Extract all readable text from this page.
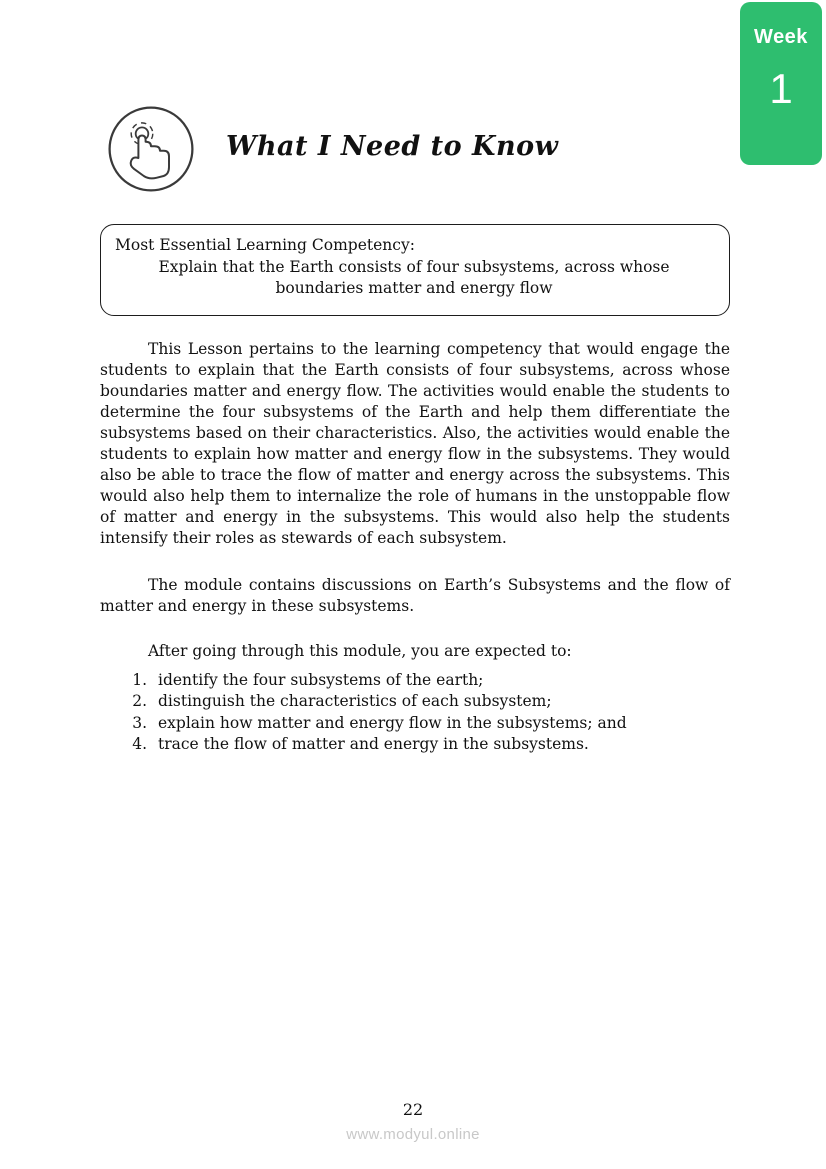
Week
1
What I Need to Know
Most Essential Learning Competency:
Explain that the Earth consists of four subsystems, across whose boundaries matter and energy flow

This Lesson pertains to the learning competency that would engage the students to explain that the Earth consists of four subsystems, across whose boundaries matter and energy flow. The activities would enable the students to determine the four subsystems of the Earth and help them differentiate the subsystems based on their characteristics. Also, the activities would enable the students to explain how matter and energy flow in the subsystems. They would also be able to trace the flow of matter and energy across the subsystems. This would also help them to internalize the role of humans in the unstoppable flow of matter and energy in the subsystems. This would also help the students intensify their roles as stewards of each subsystem.

The module contains discussions on Earth’s Subsystems and the flow of matter and energy in these subsystems.

After going through this module, you are expected to:

1. identify the four subsystems of the earth;
2. distinguish the characteristics of each subsystem;
3. explain how matter and energy flow in the subsystems; and
4. trace the flow of matter and energy in the subsystems.
22
www.modyul.online
